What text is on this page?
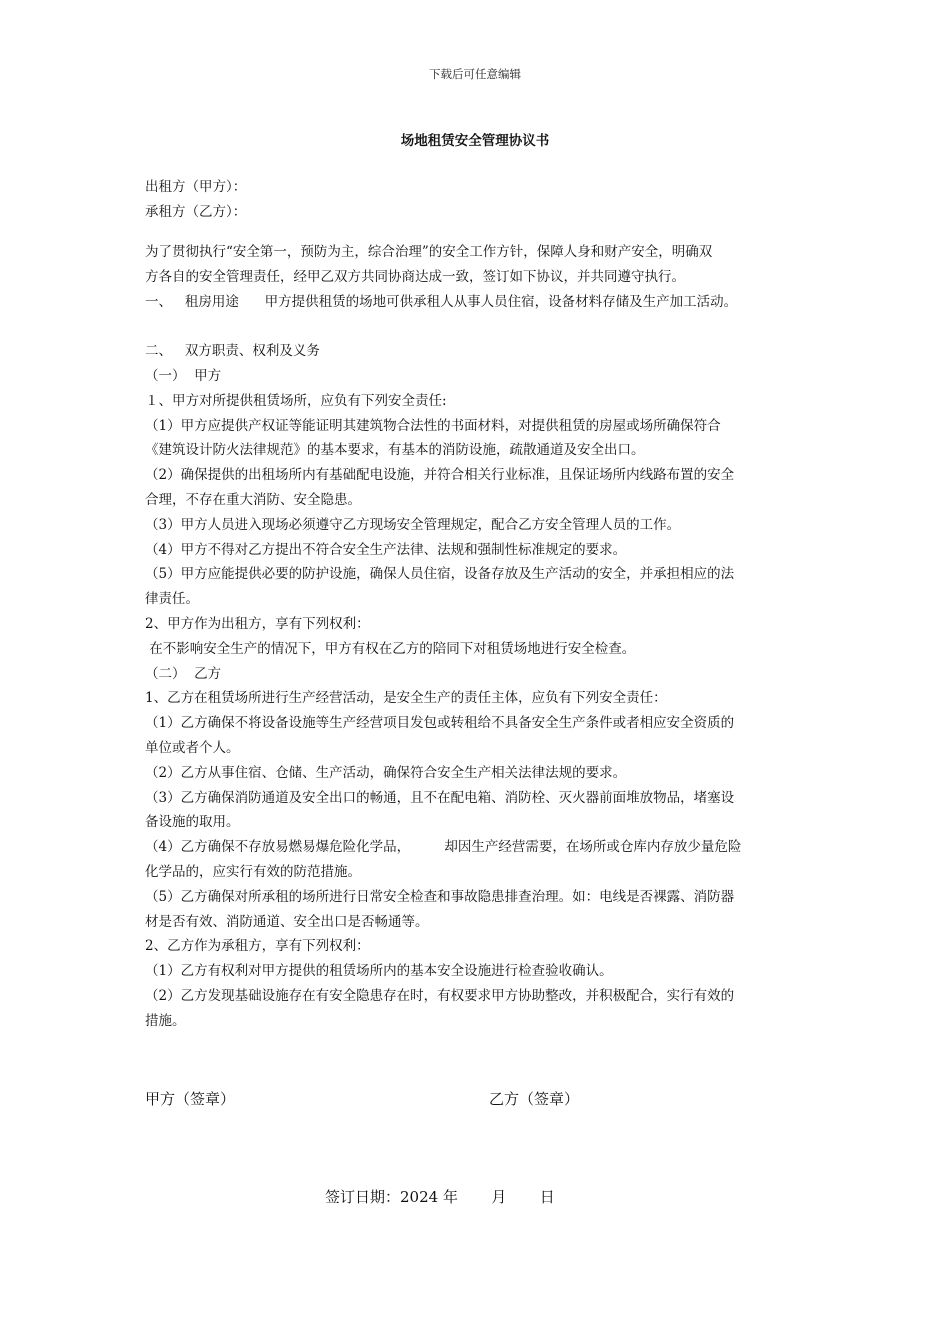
下载后可任意编辑
场地租赁安全管理协议书

出租方（甲方）：

承租方（乙方）：

为了贯彻执行“安全第一，预防为主，综合治理”的安全工作方针，保障人身和财产安全，明确双

方各自的安全管理责任，经甲乙双方共同协商达成一致，签订如下协议，并共同遵守执行。

一、   租房用途      甲方提供租赁的场地可供承租人从事人员住宿，设备材料存储及生产加工活动。

二、   双方职责、权利及义务

（一）  甲方

１、甲方对所提供租赁场所，应负有下列安全责任:

（1）甲方应提供产权证等能证明其建筑物合法性的书面材料，对提供租赁的房屋或场所确保符合

《建筑设计防火法律规范》的基本要求，有基本的消防设施，疏散通道及安全出口。

（2）确保提供的出租场所内有基础配电设施，并符合相关行业标准，且保证场所内线路布置的安全

合理，不存在重大消防、安全隐患。

（3）甲方人员进入现场必须遵守乙方现场安全管理规定，配合乙方安全管理人员的工作。

（4）甲方不得对乙方提出不符合安全生产法律、法规和强制性标准规定的要求。

（5）甲方应能提供必要的防护设施，确保人员住宿，设备存放及生产活动的安全，并承担相应的法

律责任。

2、甲方作为出租方，享有下列权利：

在不影响安全生产的情况下，甲方有权在乙方的陪同下对租赁场地进行安全检查。

（二）  乙方

1、乙方在租赁场所进行生产经营活动，是安全生产的责任主体，应负有下列安全责任：

（1）乙方确保不将设备设施等生产经营项目发包或转租给不具备安全生产条件或者相应安全资质的

单位或者个人。

（2）乙方从事住宿、仓储、生产活动，确保符合安全生产相关法律法规的要求。

（3）乙方确保消防通道及安全出口的畅通，且不在配电箱、消防栓、灭火器前面堆放物品，堵塞设

备设施的取用。

（4）乙方确保不存放易燃易爆危险化学品，        却因生产经营需要，在场所或仓库内存放少量危险

化学品的，应实行有效的防范措施。

（5）乙方确保对所承租的场所进行日常安全检查和事故隐患排查治理。如：电线是否裸露、消防器

材是否有效、消防通道、安全出口是否畅通等。

2、乙方作为承租方，享有下列权利：

（1）乙方有权利对甲方提供的租赁场所内的基本安全设施进行检查验收确认。

（2）乙方发现基础设施存在有安全隐患存在时，有权要求甲方协助整改，并积极配合，实行有效的

措施。

甲方（签章）	乙方（签章）
签订日期：2024 年       月       日
